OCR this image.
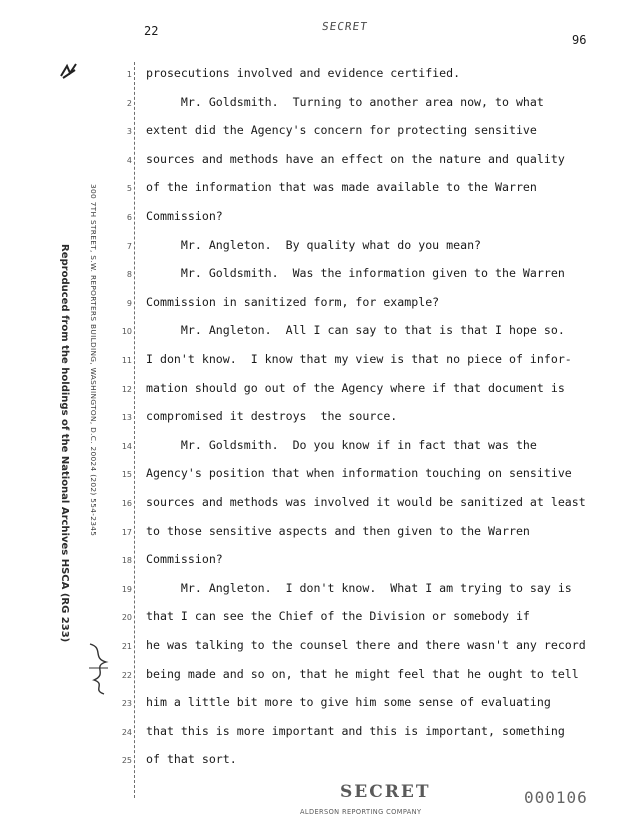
22	SECRET
96
Reproduced from the holdings of the National Archives HSCA (RG 233)	300 7TH STREET, S.W. REPORTERS BUILDING, WASHINGTON, D.C. 20024 (202) 554-2345
1
2
3
4
5
6
7
8
9
10
11
12
13
14
15
16
17
18
19
20
21
22
23
24
25
prosecutions involved and evidence certified.
Mr. Goldsmith.  Turning to another area now, to what
extent did the Agency's concern for protecting sensitive
sources and methods have an effect on the nature and quality
of the information that was made available to the Warren
Commission?
Mr. Angleton.  By quality what do you mean?
Mr. Goldsmith.  Was the information given to the Warren
Commission in sanitized form, for example?
Mr. Angleton.  All I can say to that is that I hope so.
I don't know.  I know that my view is that no piece of infor-
mation should go out of the Agency where if that document is
compromised it destroys  the source.
Mr. Goldsmith.  Do you know if in fact that was the
Agency's position that when information touching on sensitive
sources and methods was involved it would be sanitized at least
to those sensitive aspects and then given to the Warren
Commission?
Mr. Angleton.  I don't know.  What I am trying to say is
that I can see the Chief of the Division or somebody if
he was talking to the counsel there and there wasn't any record
being made and so on, that he might feel that he ought to tell
him a little bit more to give him some sense of evaluating
that this is more important and this is important, something
of that sort.
SECRET
ALDERSON REPORTING COMPANY
000106
